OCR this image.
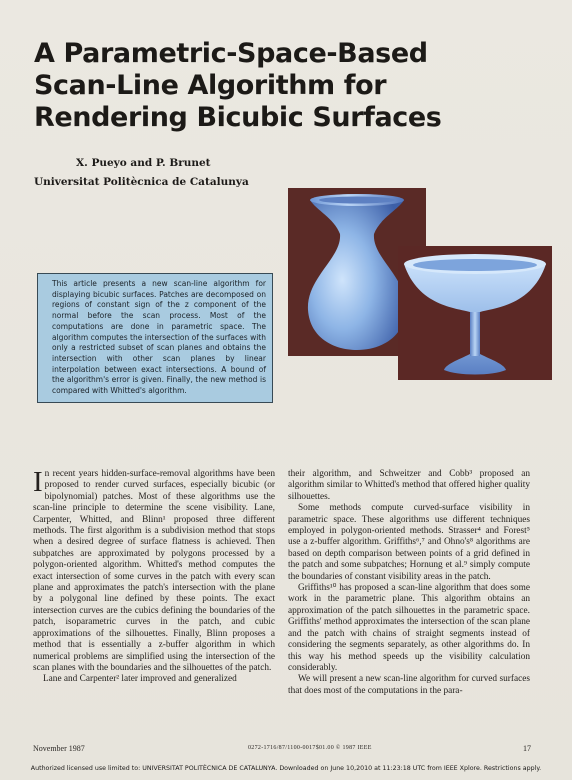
A Parametric-Space-Based
Scan-Line Algorithm for
Rendering Bicubic Surfaces
X. Pueyo and P. Brunet
Universitat Politècnica de Catalunya
This article presents a new scan-line algorithm for displaying bicubic surfaces. Patches are decomposed on regions of constant sign of the z component of the normal before the scan process. Most of the computations are done in parametric space. The algorithm computes the intersection of the surfaces with only a restricted subset of scan planes and obtains the intersection with other scan planes by linear interpolation between exact intersections. A bound of the algorithm's error is given. Finally, the new method is compared with Whitted's algorithm.

In recent years hidden-surface-removal algorithms have been proposed to render curved surfaces, especially bicubic (or bipolynomial) patches. Most of these algorithms use the scan-line principle to determine the scene visibility. Lane, Carpenter, Whitted, and Blinn¹ proposed three different methods. The first algorithm is a subdivision method that stops when a desired degree of surface flatness is achieved. Then subpatches are approximated by polygons processed by a polygon-oriented algorithm. Whitted's method computes the exact intersection of some curves in the patch with every scan plane and approximates the patch's intersection with the plane by a polygonal line defined by these points. The exact intersection curves are the cubics defining the boundaries of the patch, isoparametric curves in the patch, and cubic approximations of the silhouettes. Finally, Blinn proposes a method that is essentially a z-buffer algorithm in which numerical problems are simplified using the intersection of the scan planes with the boundaries and the silhouettes of the patch.

Lane and Carpenter² later improved and generalized

their algorithm, and Schweitzer and Cobb³ proposed an algorithm similar to Whitted's method that offered higher quality silhouettes.

Some methods compute curved-surface visibility in parametric space. These algorithms use different techniques employed in polygon-oriented methods. Strasser⁴ and Forest⁵ use a z-buffer algorithm. Griffiths⁶,⁷ and Ohno's⁸ algorithms are based on depth comparison between points of a grid defined in the patch and some subpatches; Hornung et al.⁹ simply compute the boundaries of constant visibility areas in the patch.

Griffiths¹⁰ has proposed a scan-line algorithm that does some work in the parametric plane. This algorithm obtains an approximation of the patch silhouettes in the parametric space. Griffiths' method approximates the intersection of the scan plane and the patch with chains of straight segments instead of considering the segments separately, as other algorithms do. In this way his method speeds up the visibility calculation considerably.

We will present a new scan-line algorithm for curved surfaces that does most of the computations in the para-

November 1987	0272-1716/87/1100-0017$01.00 © 1987 IEEE	17
Authorized licensed use limited to: UNIVERSITAT POLITÈCNICA DE CATALUNYA. Downloaded on June 10,2010 at 11:23:18 UTC from IEEE Xplore. Restrictions apply.
